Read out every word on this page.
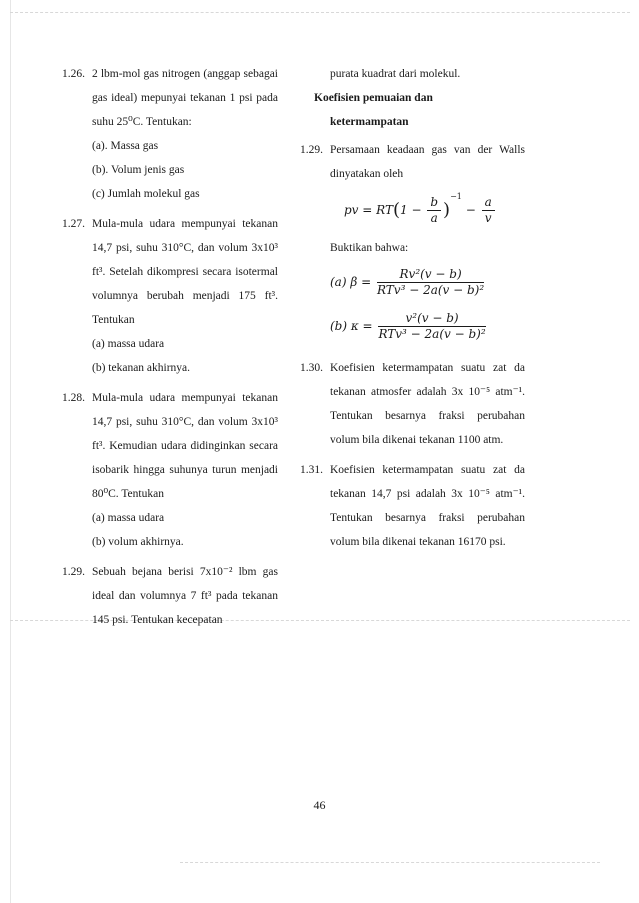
1.26. 2 lbm-mol gas nitrogen (anggap sebagai gas ideal) mepunyai tekanan 1 psi pada suhu 25⁰C. Tentukan:
(a). Massa gas
(b). Volum jenis gas
(c) Jumlah molekul gas
1.27. Mula-mula udara mempunyai tekanan 14,7 psi, suhu 310°C, dan volum 3x10³ ft³. Setelah dikompresi secara isotermal volumnya berubah menjadi 175 ft³. Tentukan
(a) massa udara
(b) tekanan akhirnya.
1.28. Mula-mula udara mempunyai tekanan 14,7 psi, suhu 310°C, dan volum 3x10³ ft³. Kemudian udara didinginkan secara isobarik hingga suhunya turun menjadi 80⁰C. Tentukan
(a) massa udara
(b) volum akhirnya.
1.29. Sebuah bejana berisi 7x10⁻² lbm gas ideal dan volumnya 7 ft³ pada tekanan 145 psi. Tentukan kecepatan
purata kuadrat dari molekul.
Koefisien pemuaian dan
ketermampatan
1.29. Persamaan keadaan gas van der Walls dinyatakan oleh
pv = $RT(1 - \frac{b}{a} )^{-1} - \frac{a}{v}$
Buktikan bahwa:
(a) $\beta = \frac{\text{Rv²(v − b)}}{\text{RTv³ − 2a(v − b)²}}$
(b) $\kappa = \frac{\text{v²(v − b)}}{\text{RTv³ − 2a(v − b)²}}$
1.30. Koefisien ketermampatan suatu zat da tekanan atmosfer adalah 3x 10⁻⁵ atm⁻¹. Tentukan besarnya fraksi perubahan volum bila dikenai tekanan 1100 atm.
1.31. Koefisien ketermampatan suatu zat da tekanan 14,7 psi adalah 3x 10⁻⁵ atm⁻¹. Tentukan besarnya fraksi perubahan volum bila dikenai tekanan 16170 psi.
46
